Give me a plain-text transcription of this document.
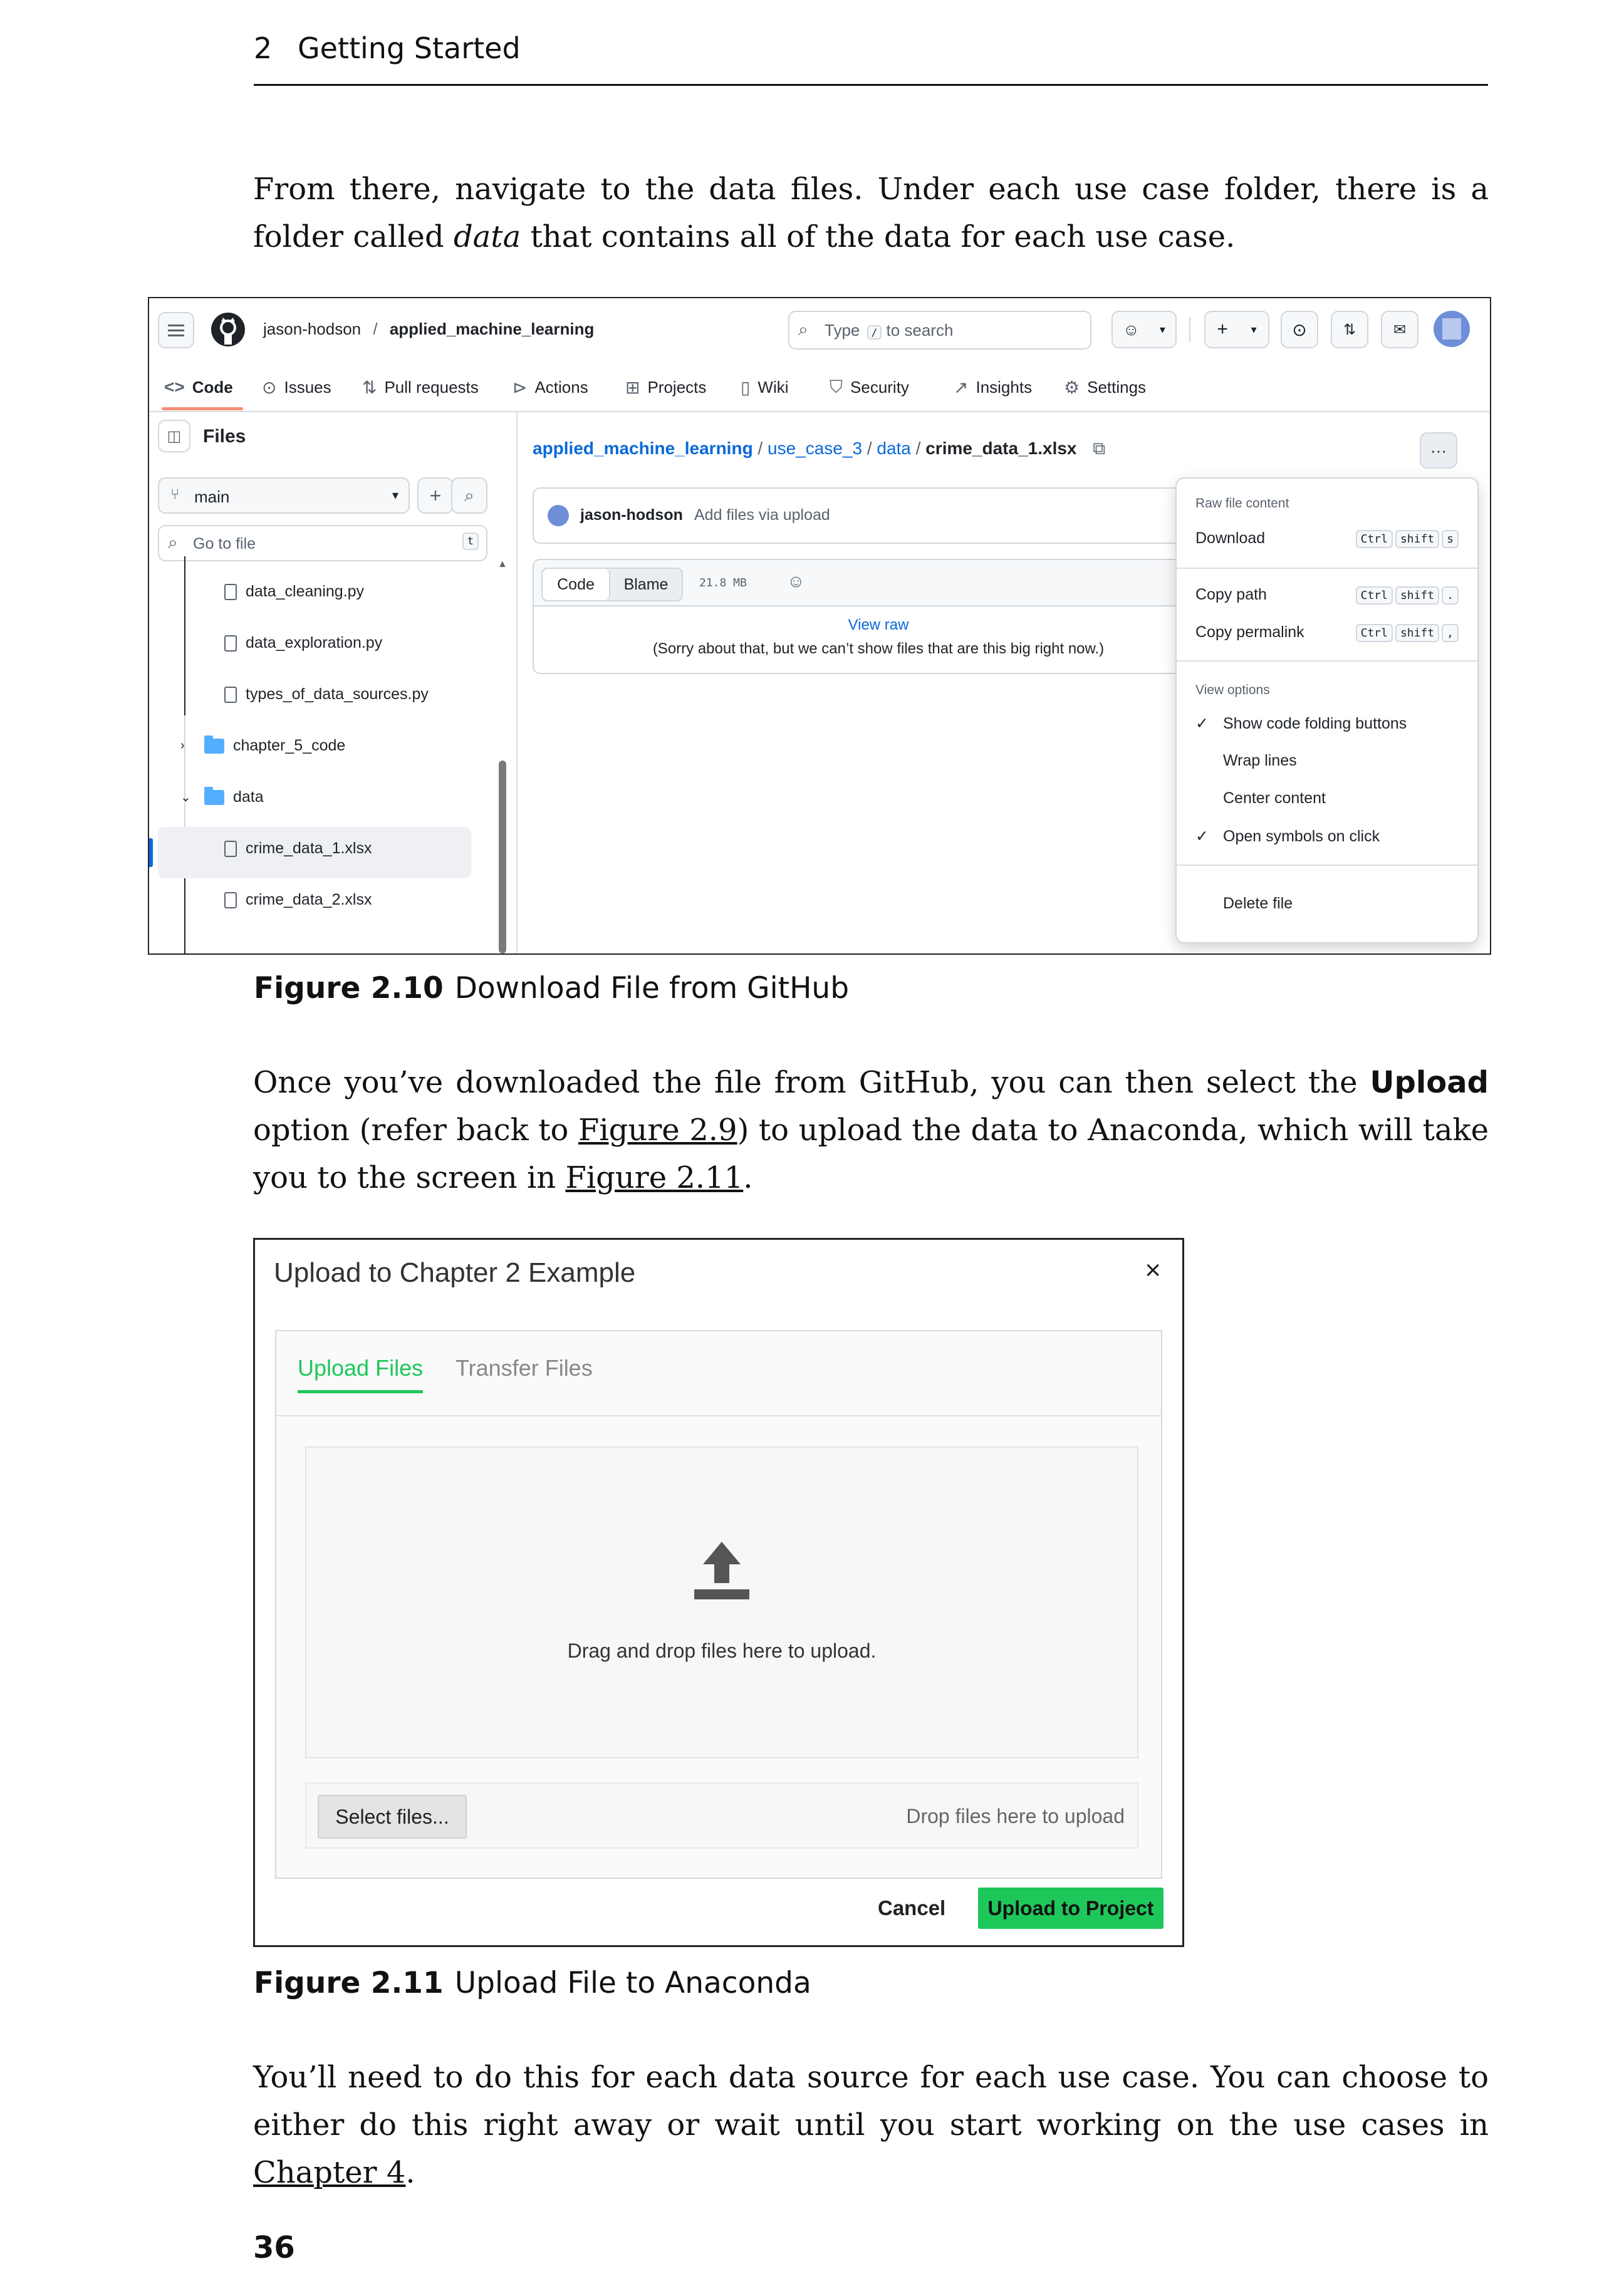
2 Getting Started
From there, navigate to the data files. Under each use case folder, there is a folder called data that contains all of the data for each use case.
jason-hodson / applied_machine_learning	⌕ Type / to search	☺ ▾	+ ▾ ⊙ ⇅ ✉
<> Code ⊙ Issues ⇅ Pull requests ⊳ Actions ⊞ Projects ▯ Wiki ⛉ Security	↗ Insights ⚙ Settings
◫ Files
⑂ main	▾ + ⌕
⌕ Go to file	t
data_cleaning.py
data_exploration.py
types_of_data_sources.py
›	chapter_5_code
⌄	data
crime_data_1.xlsx
crime_data_2.xlsx
▲
applied_machine_learning / use_case_3 / data / crime_data_1.xlsx ⧉	···
jason-hodson Add files via upload
Code	Blame	21.8 MB ☺
View raw
(Sorry about that, but we can’t show files that are this big right now.)
Raw file content
Download	Ctrl shift s
Copy path	Ctrl shift .
Copy permalink	Ctrl shift ,
View options
✓ Show code folding buttons
Wrap lines
Center content
✓ Open symbols on click
Delete file
Figure 2.10 Download File from GitHub
Once you’ve downloaded the file from GitHub, you can then select the Upload option (refer back to Figure 2.9) to upload the data to Anaconda, which will take you to the screen in Figure 2.11.
Upload to Chapter 2 Example	×
Upload Files Transfer Files
Drag and drop files here to upload.
Select files...	Drop files here to upload
Cancel	Upload to Project
Figure 2.11 Upload File to Anaconda
You’ll need to do this for each data source for each use case. You can choose to either do this right away or wait until you start working on the use cases in Chapter 4.
36
